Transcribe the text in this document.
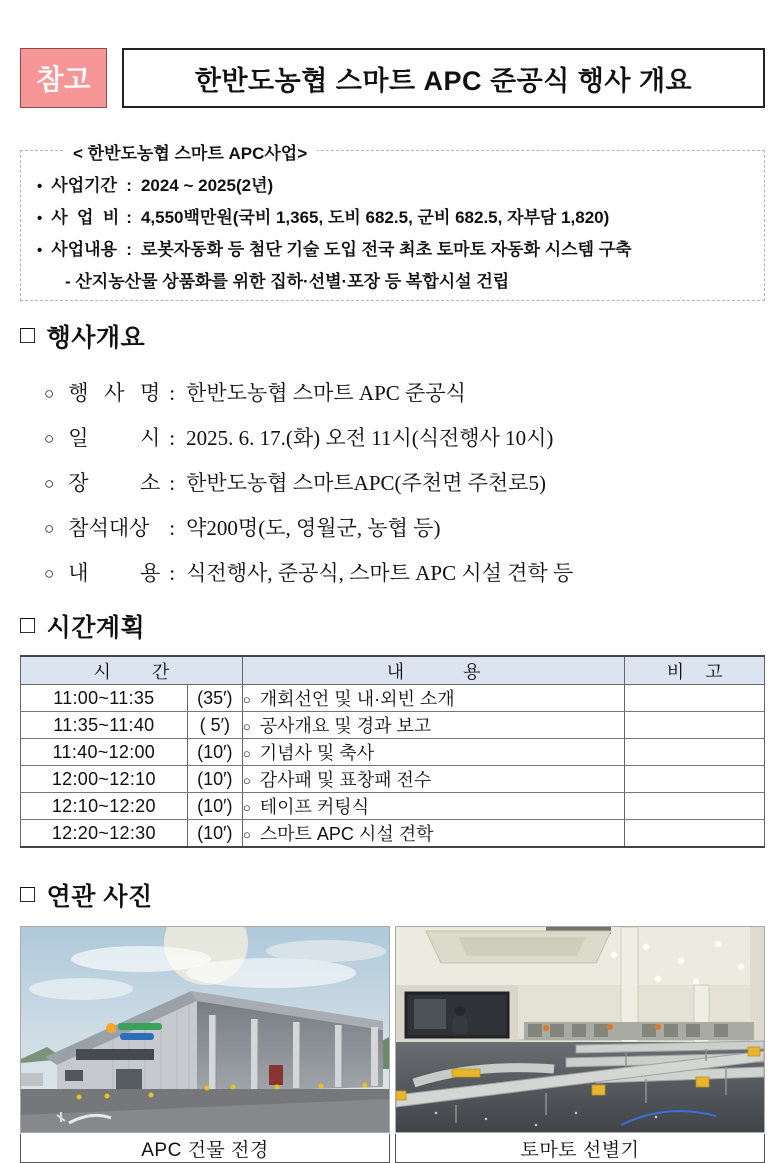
참고	한반도농협 스마트 APC 준공식 행사 개요
< 한반도농협 스마트 APC사업>
• 사업기간 : 2024 ~ 2025(2년)
• 사 업 비 : 4,550백만원(국비 1,365, 도비 682.5, 군비 682.5, 자부담 1,820)
• 사업내용 : 로봇자동화 등 첨단 기술 도입 전국 최초 토마토 자동화 시스템 구축
- 산지농산물 상품화를 위한 집하·선별·포장 등 복합시설 건립
□ 행사개요
○ 행 사 명 : 한반도농협 스마트 APC 준공식
○ 일 시 : 2025. 6. 17.(화) 오전 11시(식전행사 10시)
○ 장 소 : 한반도농협 스마트APC(주천면 주천로5)
○ 참석대상 : 약200명(도, 영월군, 농협 등)
○ 내 용 : 식전행사, 준공식, 스마트 APC 시설 견학 등
□ 시간계획
시 간		내 용	비 고
11:00~11:35	(35′)	○ 개회선언 및 내·외빈 소개	
11:35~11:40	( 5′)	○ 공사개요 및 경과 보고	
11:40~12:00	(10′)	○ 기념사 및 축사	
12:00~12:10	(10′)	○ 감사패 및 표창패 전수	
12:10~12:20	(10′)	○ 테이프 커팅식	
12:20~12:30	(10′)	○ 스마트 APC 시설 견학	
□ 연관 사진
APC 건물 전경	토마토 선별기
